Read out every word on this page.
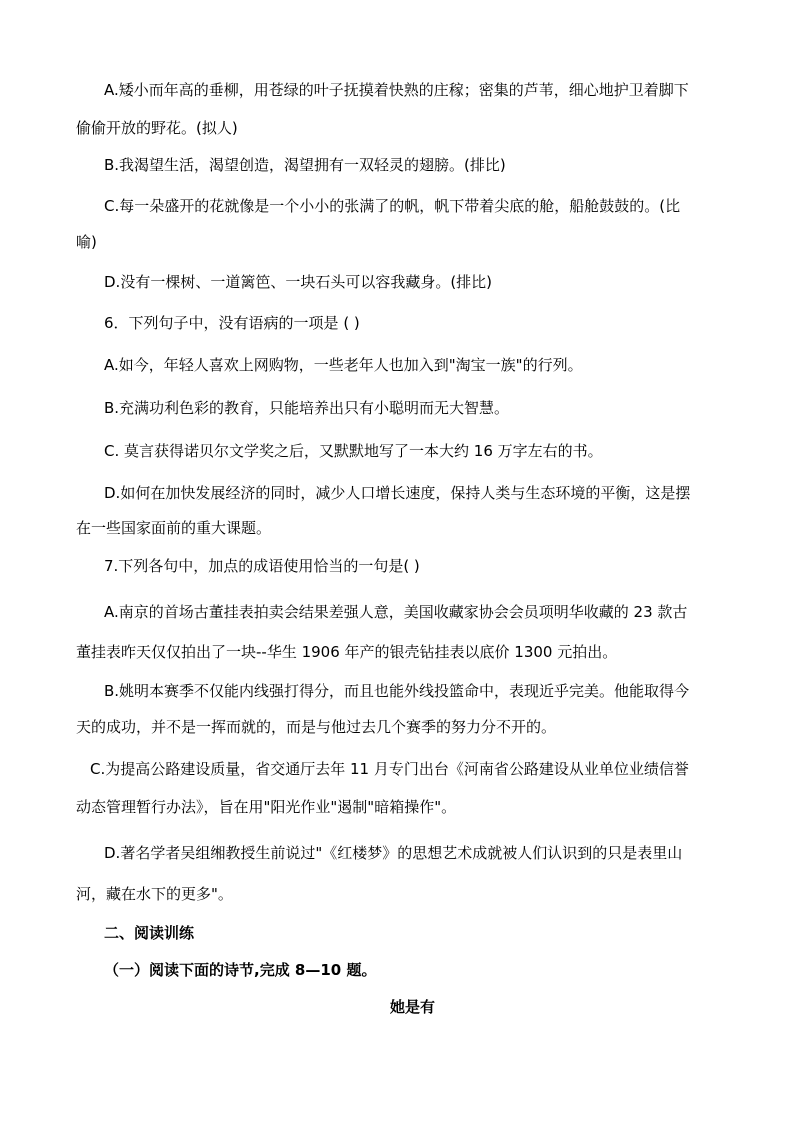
A.矮小而年高的垂柳，用苍绿的叶子抚摸着快熟的庄稼；密集的芦苇，细心地护卫着脚下
偷偷开放的野花。(拟人)
B.我渴望生活，渴望创造，渴望拥有一双轻灵的翅膀。(排比)
C.每一朵盛开的花就像是一个小小的张满了的帆，帆下带着尖底的舱，船舱鼓鼓的。(比
喻)
D.没有一棵树、一道篱笆、一块石头可以容我藏身。(排比)
6．下列句子中，没有语病的一项是 ( )
A.如今，年轻人喜欢上网购物，一些老年人也加入到"淘宝一族"的行列。
B.充满功利色彩的教育，只能培养出只有小聪明而无大智慧。
C. 莫言获得诺贝尔文学奖之后，又默默地写了一本大约 16 万字左右的书。
D.如何在加快发展经济的同时，减少人口增长速度，保持人类与生态环境的平衡，这是摆
在一些国家面前的重大课题。
7.下列各句中，加点的成语使用恰当的一句是( )
A.南京的首场古董挂表拍卖会结果差强人意，美国收藏家协会会员项明华收藏的 23 款古
董挂表昨天仅仅拍出了一块--华生 1906 年产的银壳钻挂表以底价 1300 元拍出。
B.姚明本赛季不仅能内线强打得分，而且也能外线投篮命中，表现近乎完美。他能取得今
天的成功，并不是一挥而就的，而是与他过去几个赛季的努力分不开的。
C.为提高公路建设质量，省交通厅去年 11 月专门出台《河南省公路建设从业单位业绩信誉
动态管理暂行办法》，旨在用"阳光作业"遏制"暗箱操作"。
D.著名学者吴组缃教授生前说过"《红楼梦》的思想艺术成就被人们认识到的只是表里山
河，藏在水下的更多"。
二、阅读训练
（一）阅读下面的诗节,完成 8—10 题。
她是有
